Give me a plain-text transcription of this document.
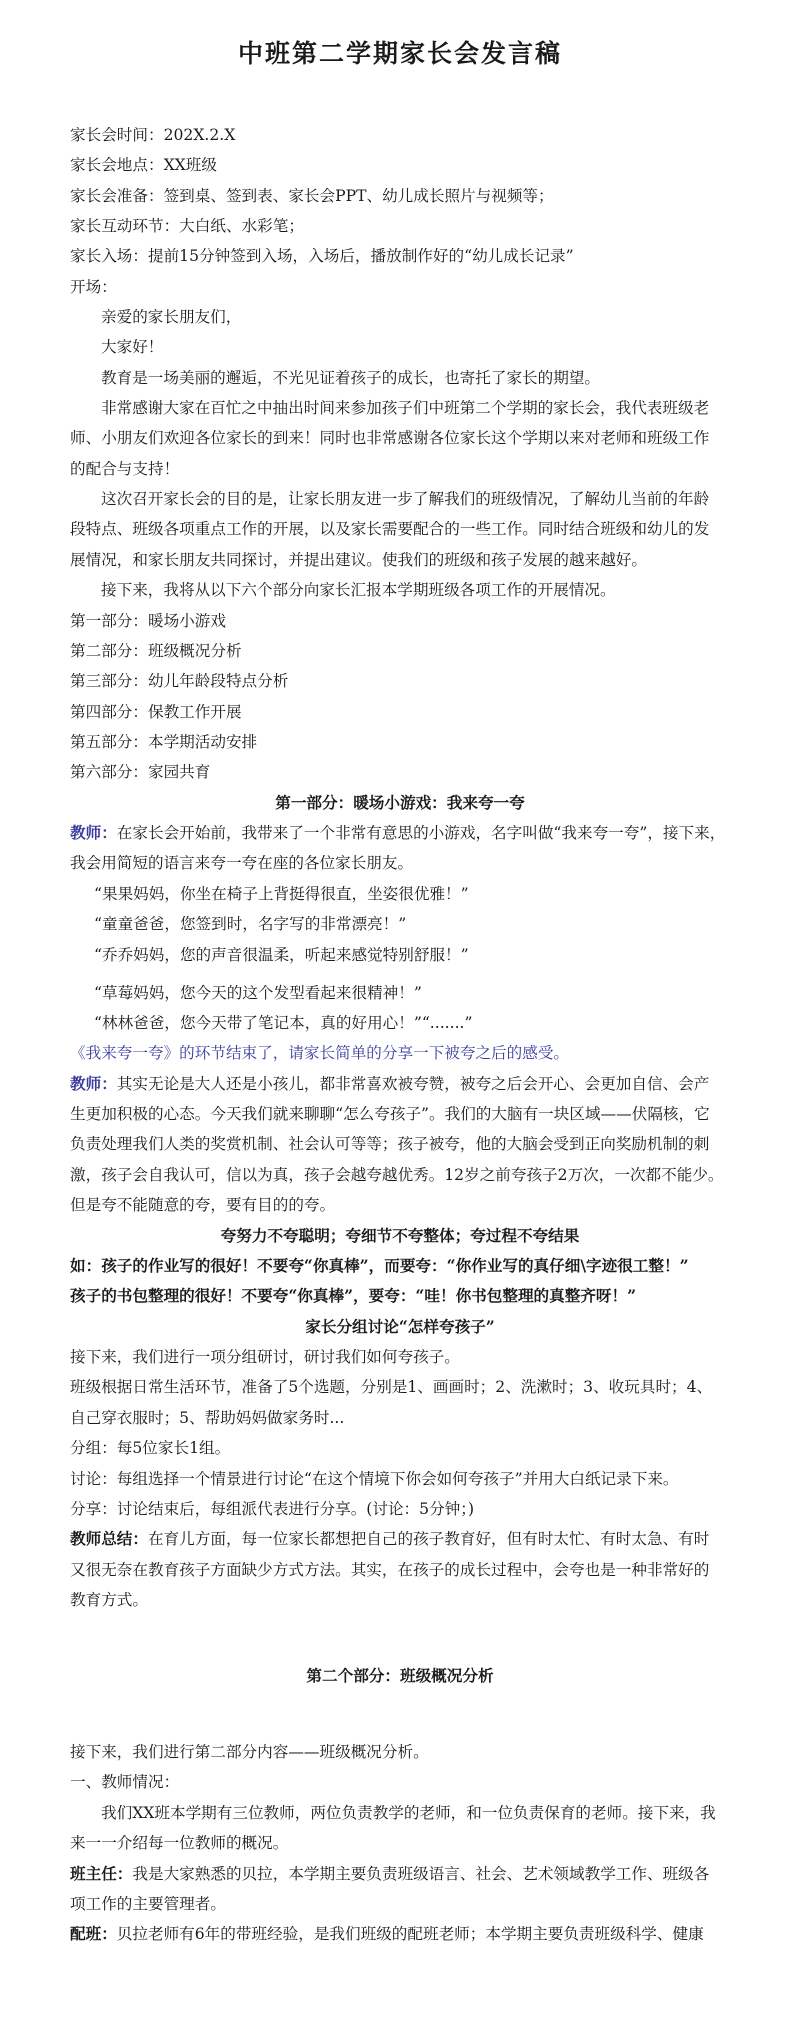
中班第二学期家长会发言稿
家长会时间：202X.2.X
家长会地点：XX班级
家长会准备：签到桌、签到表、家长会PPT、幼儿成长照片与视频等；
家长互动环节：大白纸、水彩笔；
家长入场：提前15分钟签到入场，入场后，播放制作好的“幼儿成长记录”
开场：
亲爱的家长朋友们，
大家好！
教育是一场美丽的邂逅，不光见证着孩子的成长，也寄托了家长的期望。
非常感谢大家在百忙之中抽出时间来参加孩子们中班第二个学期的家长会，我代表班级老
师、小朋友们欢迎各位家长的到来！同时也非常感谢各位家长这个学期以来对老师和班级工作
的配合与支持！
这次召开家长会的目的是，让家长朋友进一步了解我们的班级情况，了解幼儿当前的年龄
段特点、班级各项重点工作的开展，以及家长需要配合的一些工作。同时结合班级和幼儿的发
展情况，和家长朋友共同探讨，并提出建议。使我们的班级和孩子发展的越来越好。
接下来，我将从以下六个部分向家长汇报本学期班级各项工作的开展情况。
第一部分：暖场小游戏
第二部分：班级概况分析
第三部分：幼儿年龄段特点分析
第四部分：保教工作开展
第五部分：本学期活动安排
第六部分：家园共育
第一部分：暖场小游戏：我来夸一夸
教师：在家长会开始前，我带来了一个非常有意思的小游戏，名字叫做“我来夸一夸”，接下来，
我会用简短的语言来夸一夸在座的各位家长朋友。
“果果妈妈，你坐在椅子上背挺得很直，坐姿很优雅！”
“童童爸爸，您签到时，名字写的非常漂亮！”
“乔乔妈妈，您的声音很温柔，听起来感觉特别舒服！”
“草莓妈妈，您今天的这个发型看起来很精神！”
“林林爸爸，您今天带了笔记本，真的好用心！”“.......”
《我来夸一夸》的环节结束了，请家长简单的分享一下被夸之后的感受。
教师：其实无论是大人还是小孩儿，都非常喜欢被夸赞，被夸之后会开心、会更加自信、会产
生更加积极的心态。今天我们就来聊聊“怎么夸孩子”。我们的大脑有一块区域——伏隔核，它
负责处理我们人类的奖赏机制、社会认可等等；孩子被夸，他的大脑会受到正向奖励机制的刺
激，孩子会自我认可，信以为真，孩子会越夸越优秀。12岁之前夸孩子2万次，一次都不能少。
但是夸不能随意的夸，要有目的的夸。
夸努力不夸聪明；夸细节不夸整体；夸过程不夸结果
如：孩子的作业写的很好！不要夸“你真棒”，而要夸：“你作业写的真仔细\字迹很工整！”
孩子的书包整理的很好！不要夸“你真棒”，要夸：“哇！你书包整理的真整齐呀！”
家长分组讨论“怎样夸孩子”
接下来，我们进行一项分组研讨，研讨我们如何夸孩子。
班级根据日常生活环节，准备了5个选题，分别是1、画画时；2、洗漱时；3、收玩具时；4、
自己穿衣服时；5、帮助妈妈做家务时...
分组：每5位家长1组。
讨论：每组选择一个情景进行讨论“在这个情境下你会如何夸孩子”并用大白纸记录下来。
分享：讨论结束后，每组派代表进行分享。(讨论：5分钟；)
教师总结：在育儿方面，每一位家长都想把自己的孩子教育好，但有时太忙、有时太急、有时
又很无奈在教育孩子方面缺少方式方法。其实，在孩子的成长过程中，会夸也是一种非常好的
教育方式。
第二个部分：班级概况分析
接下来，我们进行第二部分内容——班级概况分析。
一、教师情况：
我们XX班本学期有三位教师，两位负责教学的老师，和一位负责保育的老师。接下来，我
来一一介绍每一位教师的概况。
班主任：我是大家熟悉的贝拉，本学期主要负责班级语言、社会、艺术领域教学工作、班级各
项工作的主要管理者。
配班：贝拉老师有6年的带班经验，是我们班级的配班老师；本学期主要负责班级科学、健康
